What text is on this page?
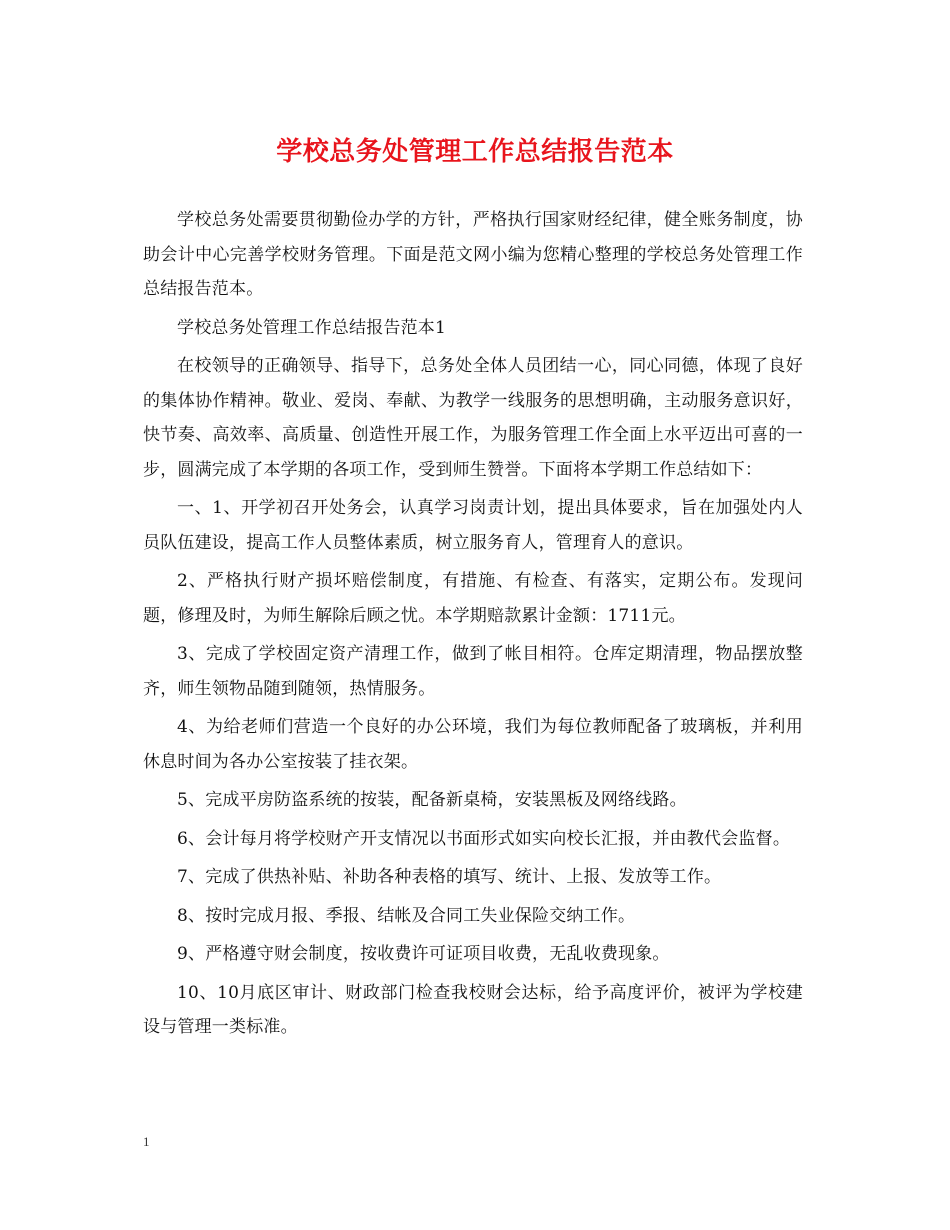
学校总务处管理工作总结报告范本

学校总务处需要贯彻勤俭办学的方针，严格执行国家财经纪律，健全账务制度，协助会计中心完善学校财务管理。下面是范文网小编为您精心整理的学校总务处管理工作总结报告范本。

学校总务处管理工作总结报告范本1

在校领导的正确领导、指导下，总务处全体人员团结一心，同心同德，体现了良好的集体协作精神。敬业、爱岗、奉献、为教学一线服务的思想明确，主动服务意识好，快节奏、高效率、高质量、创造性开展工作，为服务管理工作全面上水平迈出可喜的一步，圆满完成了本学期的各项工作，受到师生赞誉。下面将本学期工作总结如下：

一、1、开学初召开处务会，认真学习岗责计划，提出具体要求，旨在加强处内人员队伍建设，提高工作人员整体素质，树立服务育人，管理育人的意识。

2、严格执行财产损坏赔偿制度，有措施、有检查、有落实，定期公布。发现问题，修理及时，为师生解除后顾之忧。本学期赔款累计金额：1711元。

3、完成了学校固定资产清理工作，做到了帐目相符。仓库定期清理，物品摆放整齐，师生领物品随到随领，热情服务。

4、为给老师们营造一个良好的办公环境，我们为每位教师配备了玻璃板，并利用休息时间为各办公室按装了挂衣架。

5、完成平房防盗系统的按装，配备新桌椅，安装黑板及网络线路。

6、会计每月将学校财产开支情况以书面形式如实向校长汇报，并由教代会监督。

7、完成了供热补贴、补助各种表格的填写、统计、上报、发放等工作。

8、按时完成月报、季报、结帐及合同工失业保险交纳工作。

9、严格遵守财会制度，按收费许可证项目收费，无乱收费现象。

10、10月底区审计、财政部门检查我校财会达标，给予高度评价，被评为学校建设与管理一类标准。

1
